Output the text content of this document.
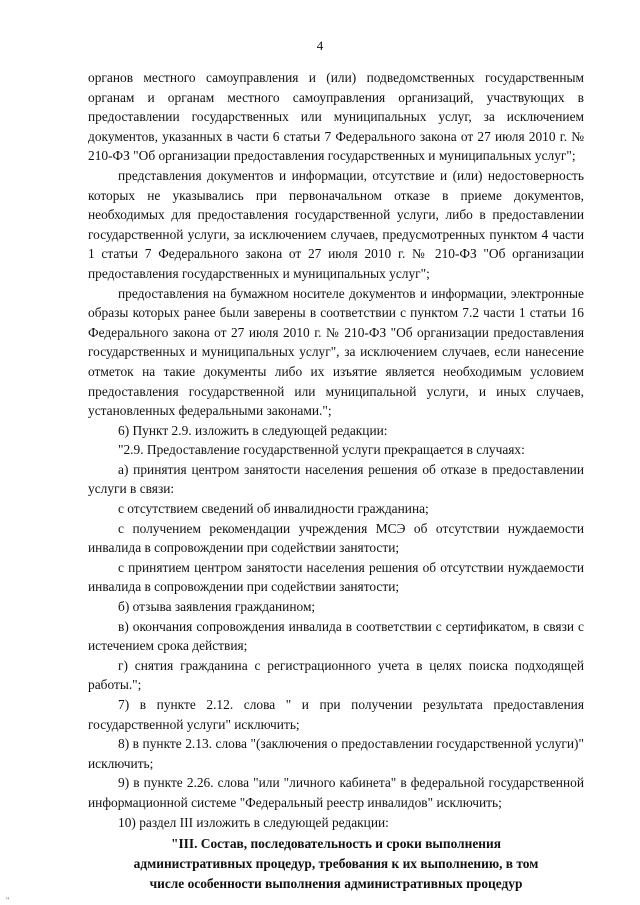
4

органов местного самоуправления и (или) подведомственных государственным органам и органам местного самоуправления организаций, участвующих в предоставлении государственных или муниципальных услуг, за исключением документов, указанных в части 6 статьи 7 Федерального закона от 27 июля 2010 г. № 210-ФЗ "Об организации предоставления государственных и муниципальных услуг";

представления документов и информации, отсутствие и (или) недостоверность которых не указывались при первоначальном отказе в приеме документов, необходимых для предоставления государственной услуги, либо в предоставлении государственной услуги, за исключением случаев, предусмотренных пунктом 4 части 1 статьи 7 Федерального закона от 27 июля 2010 г. № 210-ФЗ "Об организации предоставления государственных и муниципальных услуг";

предоставления на бумажном носителе документов и информации, электронные образы которых ранее были заверены в соответствии с пунктом 7.2 части 1 статьи 16 Федерального закона от 27 июля 2010 г. № 210-ФЗ "Об организации предоставления государственных и муниципальных услуг", за исключением случаев, если нанесение отметок на такие документы либо их изъятие является необходимым условием предоставления государственной или муниципальной услуги, и иных случаев, установленных федеральными законами.";

6) Пункт 2.9. изложить в следующей редакции:

"2.9. Предоставление государственной услуги прекращается в случаях:

а) принятия центром занятости населения решения об отказе в предоставлении услуги в связи:

с отсутствием сведений об инвалидности гражданина;

с получением рекомендации учреждения МСЭ об отсутствии нуждаемости инвалида в сопровождении при содействии занятости;

с принятием центром занятости населения решения об отсутствии нуждаемости инвалида в сопровождении при содействии занятости;

б) отзыва заявления гражданином;

в) окончания сопровождения инвалида в соответствии с сертификатом, в связи с истечением срока действия;

г) снятия гражданина с регистрационного учета в целях поиска подходящей работы.";

7) в пункте 2.12. слова " и при получении результата предоставления государственной услуги" исключить;

8) в пункте 2.13. слова "(заключения о предоставлении государственной услуги)" исключить;

9) в пункте 2.26. слова "или "личного кабинета" в федеральной государственной информационной системе "Федеральный реестр инвалидов" исключить;

10) раздел III изложить в следующей редакции:

"III. Состав, последовательность и сроки выполнения
административных процедур, требования к их выполнению, в том
числе особенности выполнения административных процедур
"
